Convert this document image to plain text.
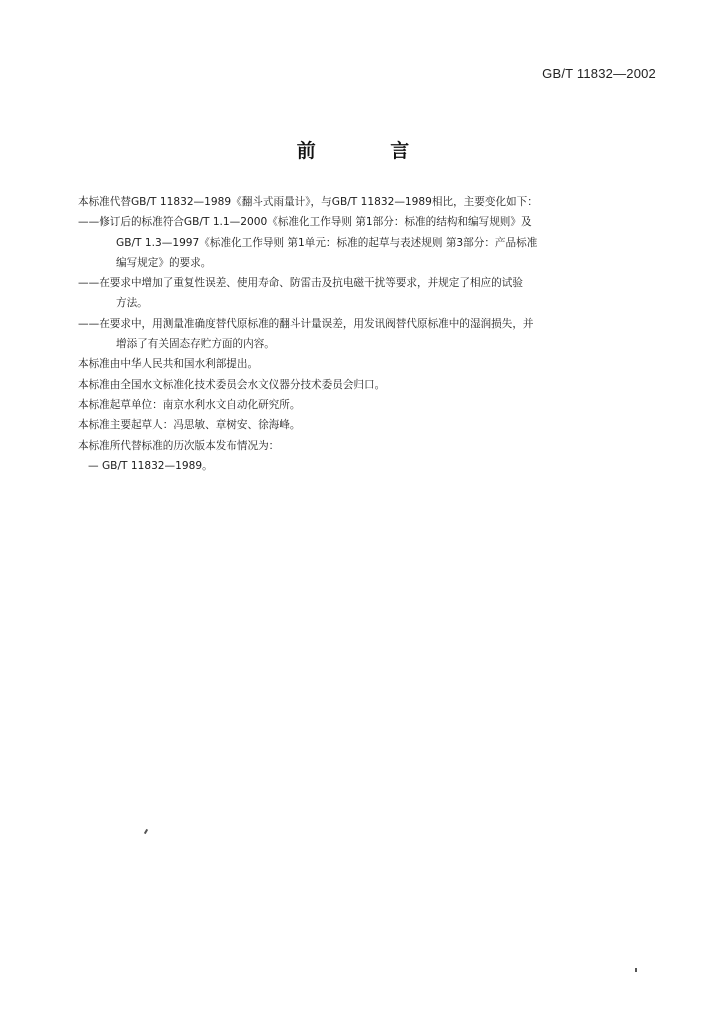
GB/T 11832—2002
前 言
本标准代替GB/T 11832—1989《翻斗式雨量计》，与GB/T 11832—1989相比，主要变化如下：
——修订后的标准符合GB/T 1.1—2000《标准化工作导则 第1部分：标准的结构和编写规则》及
GB/T 1.3—1997《标准化工作导则 第1单元：标准的起草与表述规则 第3部分：产品标准
编写规定》的要求。
——在要求中增加了重复性误差、使用寿命、防雷击及抗电磁干扰等要求，并规定了相应的试验
方法。
——在要求中，用测量准确度替代原标准的翻斗计量误差，用发讯阀替代原标准中的湿润损失，并
增添了有关固态存贮方面的内容。
本标准由中华人民共和国水利部提出。
本标准由全国水文标准化技术委员会水文仪器分技术委员会归口。
本标准起草单位：南京水利水文自动化研究所。
本标准主要起草人：冯思敏、章树安、徐海峰。
本标准所代替标准的历次版本发布情况为：
— GB/T 11832—1989。
